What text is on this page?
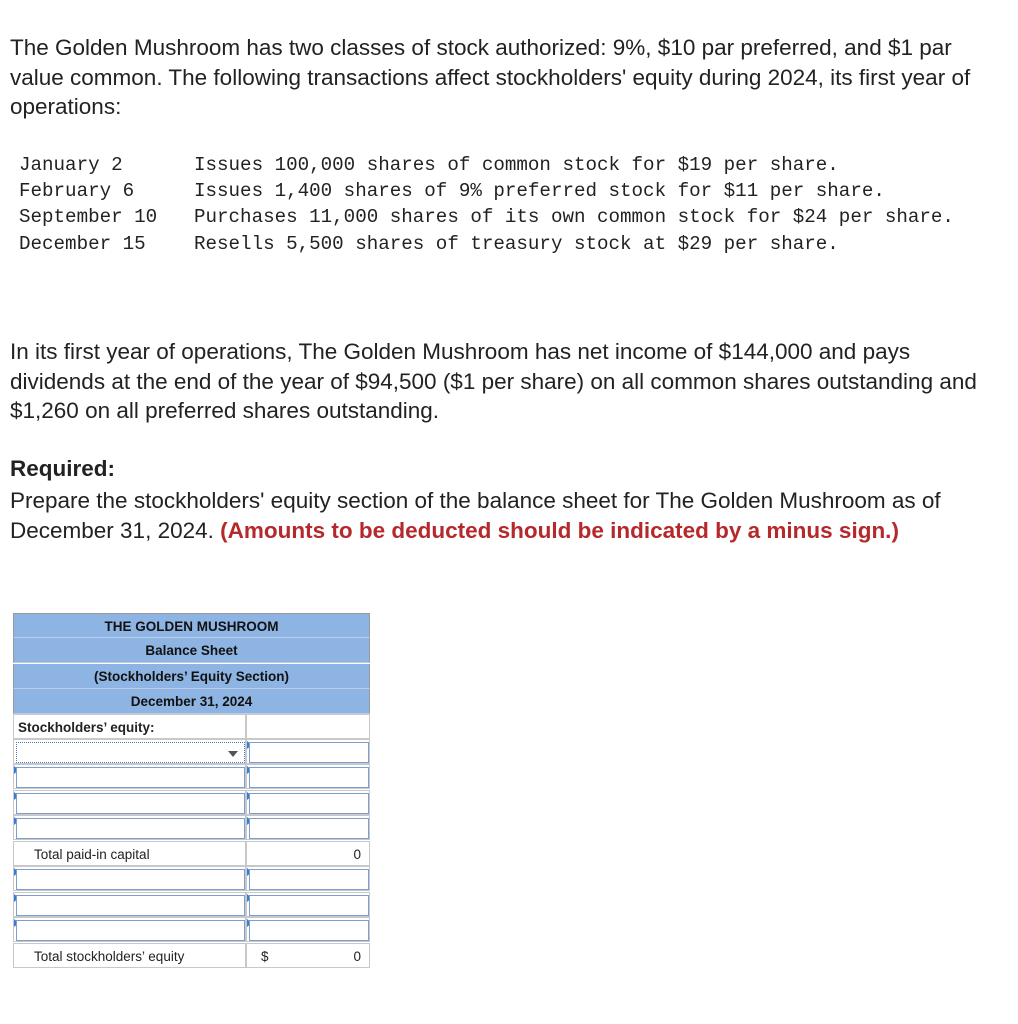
The Golden Mushroom has two classes of stock authorized: 9%, $10 par preferred, and $1 par value common. The following transactions affect stockholders' equity during 2024, its first year of operations:

January 2	Issues 100,000 shares of common stock for $19 per share.
February 6	Issues 1,400 shares of 9% preferred stock for $11 per share.
September 10	Purchases 11,000 shares of its own common stock for $24 per share.
December 15	Resells 5,500 shares of treasury stock at $29 per share.

In its first year of operations, The Golden Mushroom has net income of $144,000 and pays dividends at the end of the year of $94,500 ($1 per share) on all common shares outstanding and $1,260 on all preferred shares outstanding.

Required:

Prepare the stockholders' equity section of the balance sheet for The Golden Mushroom as of December 31, 2024. (Amounts to be deducted should be indicated by a minus sign.)

THE GOLDEN MUSHROOM
Balance Sheet
(Stockholders’ Equity Section)
December 31, 2024
Stockholders’ equity:
Total paid-in capital	0
Total stockholders’ equity	$	0
